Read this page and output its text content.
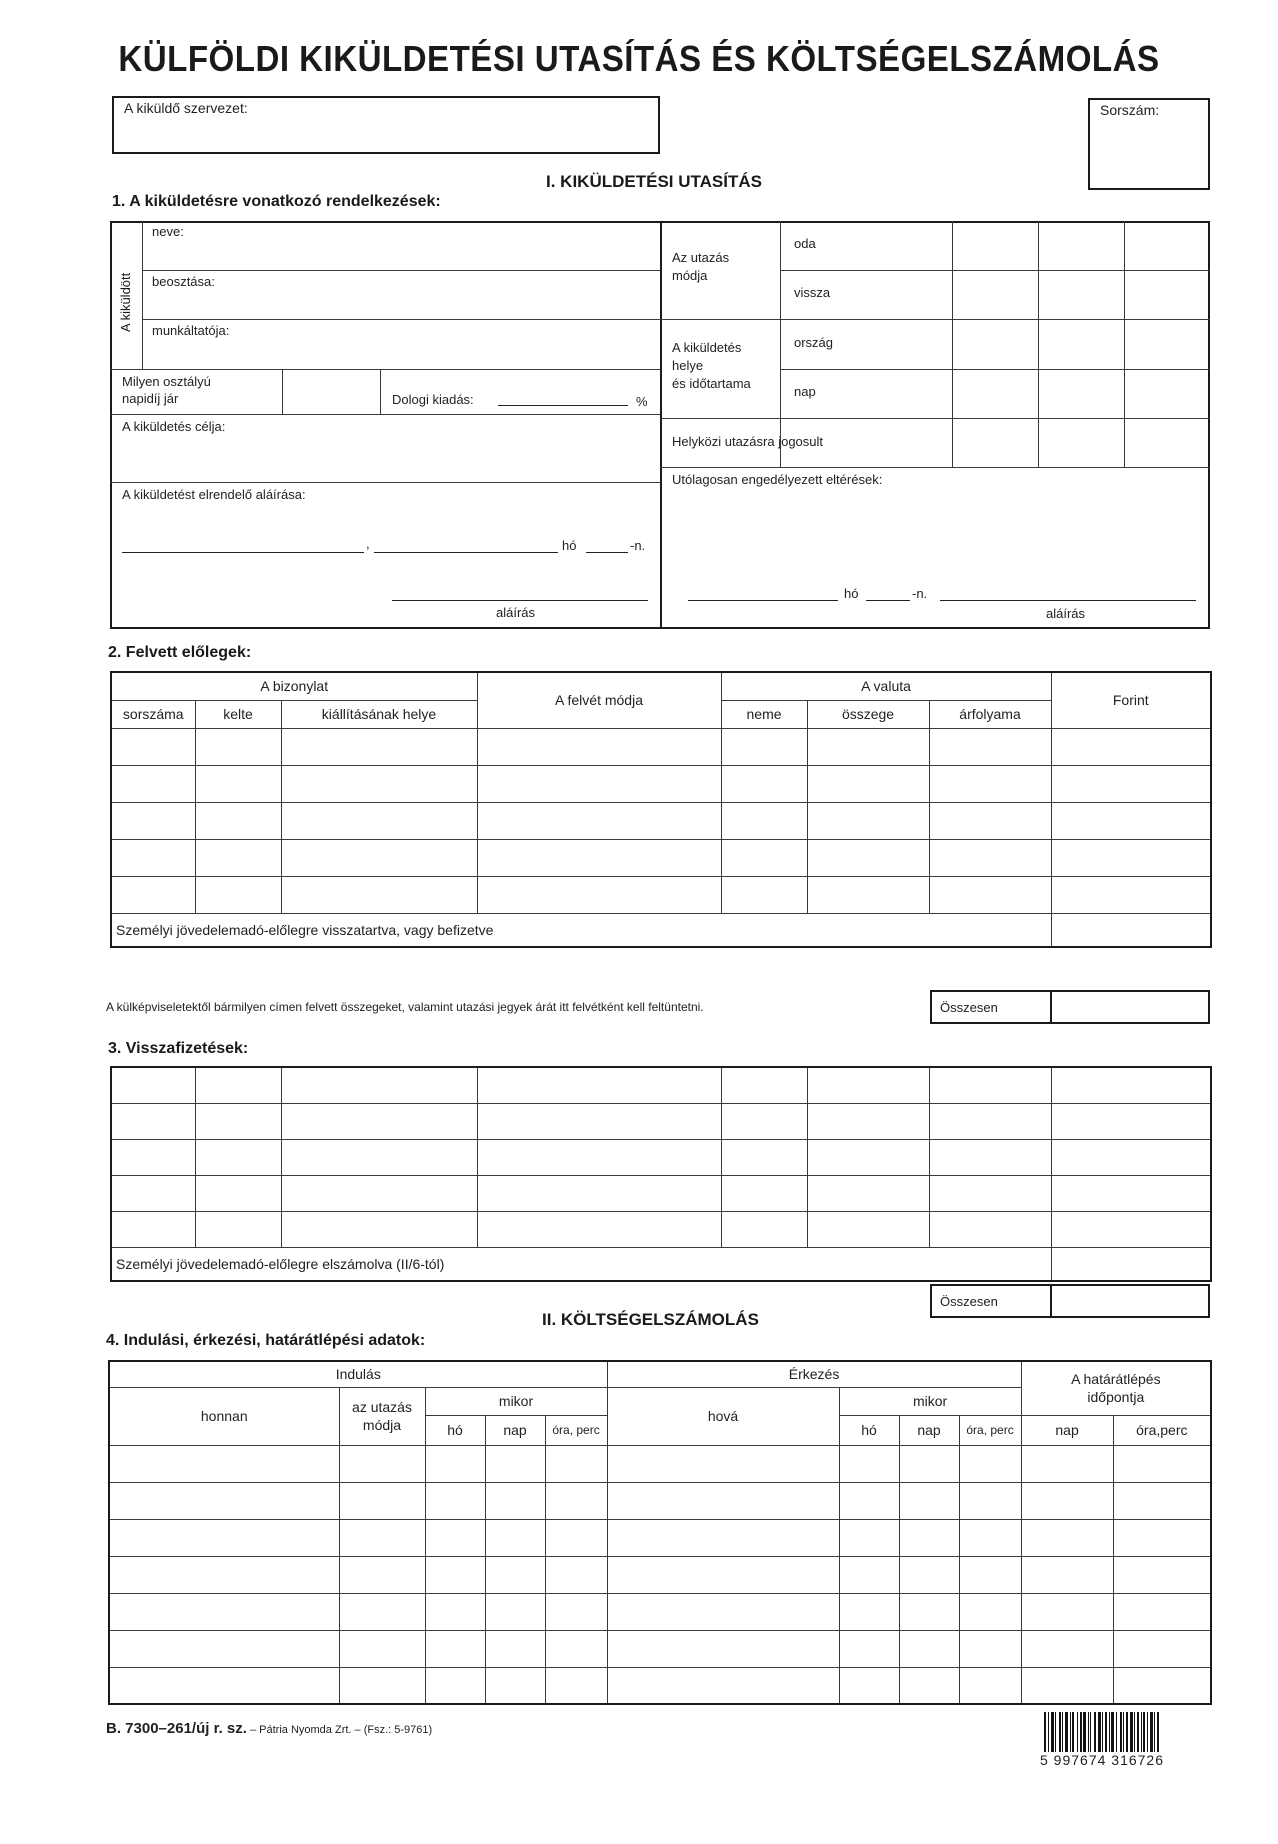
KÜLFÖLDI KIKÜLDETÉSI UTASÍTÁS ÉS KÖLTSÉGELSZÁMOLÁS
A kiküldő szervezet:	Sorszám:
I. KIKÜLDETÉSI UTASÍTÁS
1. A kiküldetésre vonatkozó rendelkezések:
A kiküldött
neve:
beosztása:
munkáltatója:
Milyen osztályú
napidíj jár	Dologi kiadás:	%
A kiküldetés célja:
A kiküldetést elrendelő aláírása:
,	hó	-n.
aláírás
Az utazás
módja
oda
vissza
A kiküldetés
helye
és időtartama
ország
nap
Helyközi utazásra jogosult
Utólagosan engedélyezett eltérések:
hó	-n.
aláírás
2. Felvett előlegek:
A bizonylat			A felvét módja	A valuta			Forint
sorszáma	kelte	kiállításának helye		neme	összege	árfolyama	

Személyi jövedelemadó-előlegre visszatartva, vagy befizetve							
A külképviseletektől bármilyen címen felvett összegeket, valamint utazási jegyek árát itt felvétként kell feltüntetni.	Összesen
3. Visszafizetések:

Személyi jövedelemadó-előlegre elszámolva (II/6-tól)							
Összesen
II. KÖLTSÉGELSZÁMOLÁS
4. Indulási, érkezési, határátlépési adatok:
Indulás					Érkezés				A határátlépés
időpontja	

honnan	az utazás
módja	mikor			hová	mikor				
		hó	nap	óra, perc		hó	nap	óra, perc	nap	óra,perc

B. 7300–261/új r. sz. – Pátria Nyomda Zrt. – (Fsz.: 5-9761)
5 997674 316726
